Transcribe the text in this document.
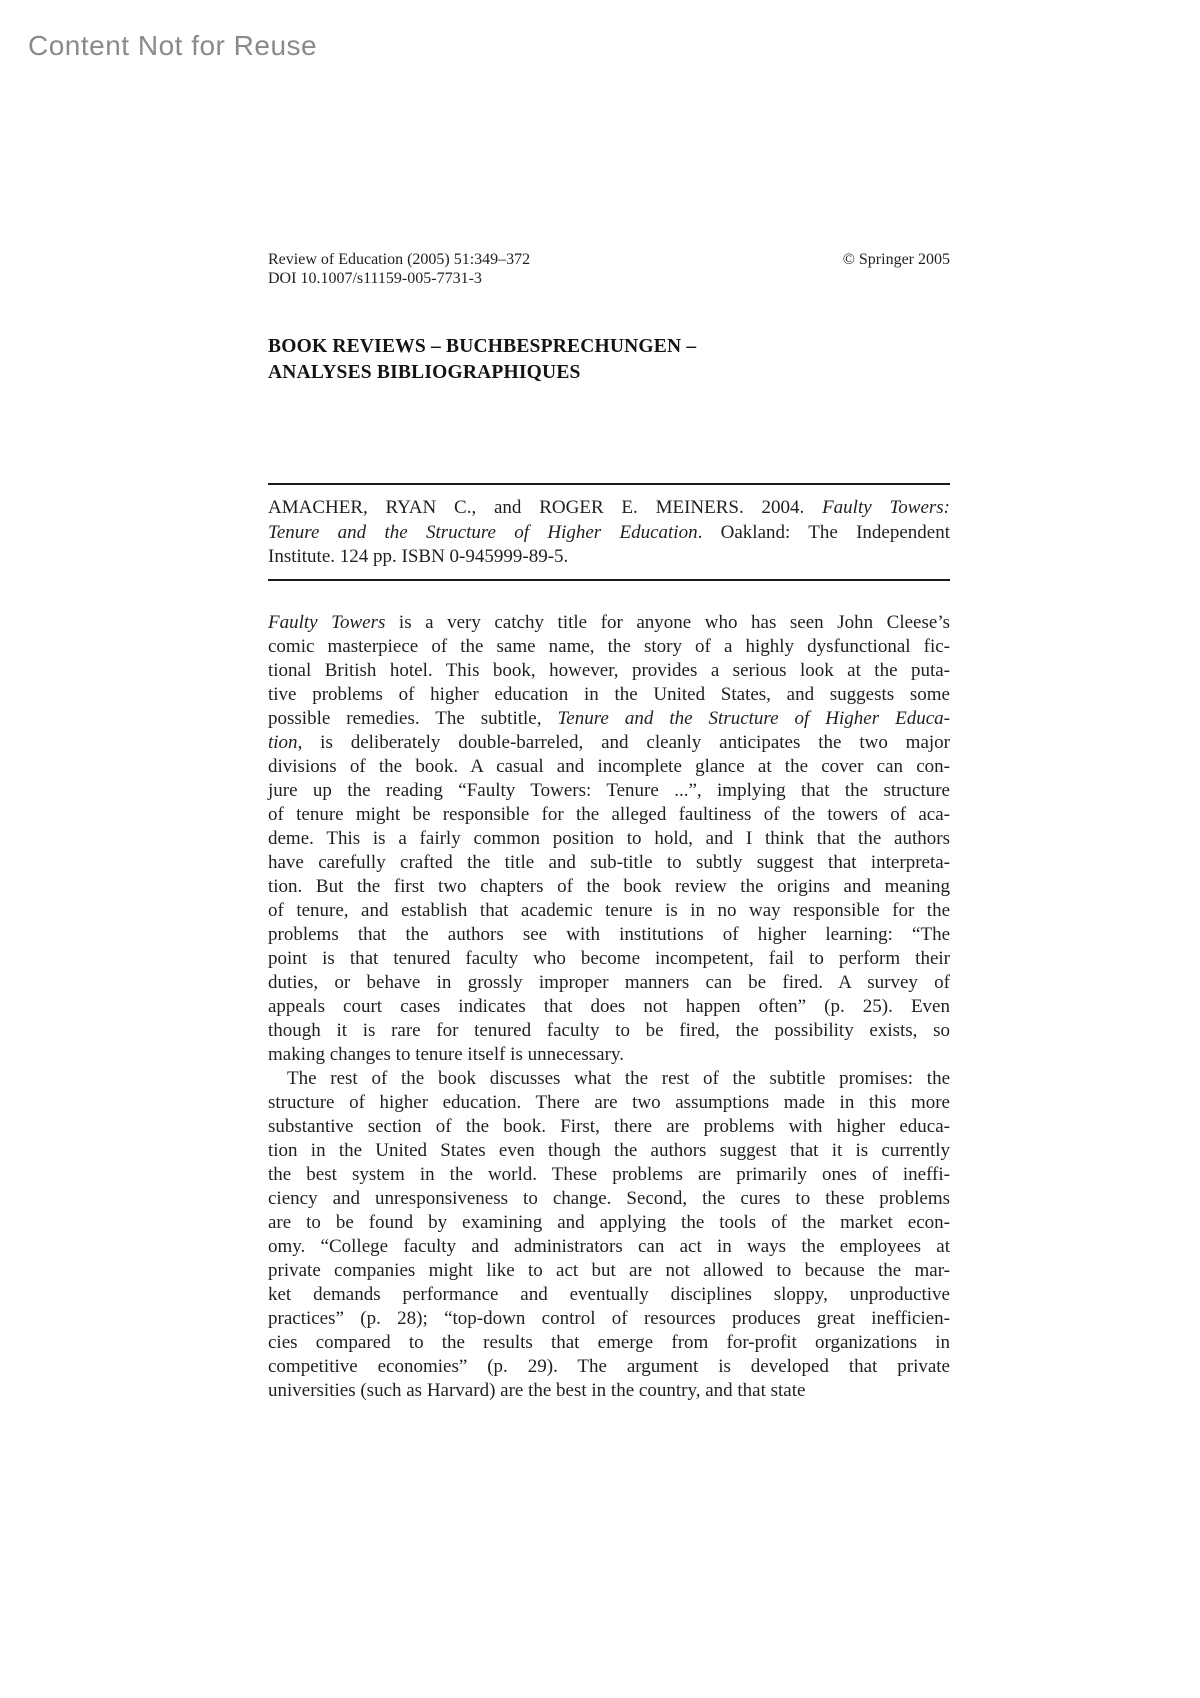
Content Not for Reuse
Review of Education (2005) 51:349–372	© Springer 2005
DOI 10.1007/s11159-005-7731-3
BOOK REVIEWS – BUCHBESPRECHUNGEN –
ANALYSES BIBLIOGRAPHIQUES
AMACHER, RYAN C., and ROGER E. MEINERS. 2004. Faulty Towers:
Tenure and the Structure of Higher Education. Oakland: The Independent
Institute. 124 pp. ISBN 0-945999-89-5.
Faulty Towers is a very catchy title for anyone who has seen John Cleese’s
comic masterpiece of the same name, the story of a highly dysfunctional fic-
tional British hotel. This book, however, provides a serious look at the puta-
tive problems of higher education in the United States, and suggests some
possible remedies. The subtitle, Tenure and the Structure of Higher Educa-
tion, is deliberately double-barreled, and cleanly anticipates the two major
divisions of the book. A casual and incomplete glance at the cover can con-
jure up the reading “Faulty Towers: Tenure ...”, implying that the structure
of tenure might be responsible for the alleged faultiness of the towers of aca-
deme. This is a fairly common position to hold, and I think that the authors
have carefully crafted the title and sub-title to subtly suggest that interpreta-
tion. But the first two chapters of the book review the origins and meaning
of tenure, and establish that academic tenure is in no way responsible for the
problems that the authors see with institutions of higher learning: “The
point is that tenured faculty who become incompetent, fail to perform their
duties, or behave in grossly improper manners can be fired. A survey of
appeals court cases indicates that does not happen often” (p. 25). Even
though it is rare for tenured faculty to be fired, the possibility exists, so
making changes to tenure itself is unnecessary.
The rest of the book discusses what the rest of the subtitle promises: the
structure of higher education. There are two assumptions made in this more
substantive section of the book. First, there are problems with higher educa-
tion in the United States even though the authors suggest that it is currently
the best system in the world. These problems are primarily ones of ineffi-
ciency and unresponsiveness to change. Second, the cures to these problems
are to be found by examining and applying the tools of the market econ-
omy. “College faculty and administrators can act in ways the employees at
private companies might like to act but are not allowed to because the mar-
ket demands performance and eventually disciplines sloppy, unproductive
practices” (p. 28); “top-down control of resources produces great inefficien-
cies compared to the results that emerge from for-profit organizations in
competitive economies” (p. 29). The argument is developed that private
universities (such as Harvard) are the best in the country, and that state
